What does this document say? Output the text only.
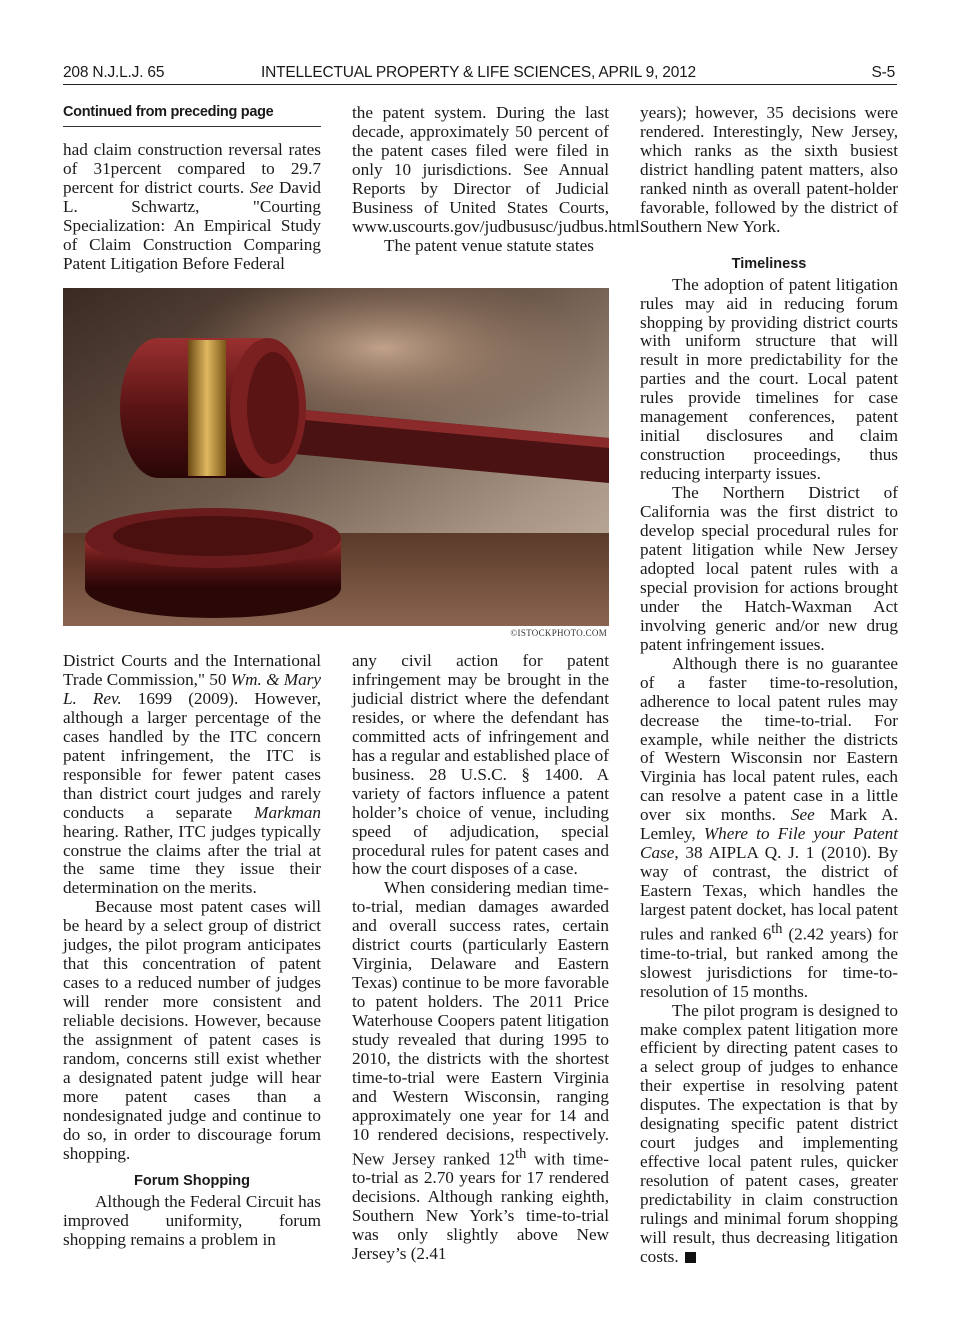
208 N.J.L.J. 65	INTELLECTUAL PROPERTY & LIFE SCIENCES, APRIL 9, 2012	S-5
Continued from preceding page

had claim construction reversal rates of 31percent compared to 29.7 percent for district courts. See David L. Schwartz, "Courting Specialization: An Empirical Study of Claim Construction Comparing Patent Litigation Before Federal

the patent system. During the last decade, approximately 50 percent of the patent cases filed were filed in only 10 jurisdictions. See Annual Reports by Director of Judicial Business of United States Courts, www.uscourts.gov/judbususc/judbus.html.

The patent venue statute states

©ISTOCKPHOTO.COM

District Courts and the International Trade Commission," 50 Wm. & Mary L. Rev. 1699 (2009). However, although a larger percentage of the cases handled by the ITC concern patent infringement, the ITC is responsible for fewer patent cases than district court judges and rarely conducts a separate Markman hearing. Rather, ITC judges typically construe the claims after the trial at the same time they issue their determination on the merits.

Because most patent cases will be heard by a select group of district judges, the pilot program anticipates that this concentration of patent cases to a reduced number of judges will render more consistent and reliable decisions. However, because the assignment of patent cases is random, concerns still exist whether a designated patent judge will hear more patent cases than a nondesignated judge and continue to do so, in order to discourage forum shopping.

Forum Shopping

Although the Federal Circuit has improved uniformity, forum shopping remains a problem in

any civil action for patent infringement may be brought in the judicial district where the defendant resides, or where the defendant has committed acts of infringement and has a regular and established place of business. 28 U.S.C. § 1400. A variety of factors influence a patent holder’s choice of venue, including speed of adjudication, special procedural rules for patent cases and how the court disposes of a case.

When considering median time-to-trial, median damages awarded and overall success rates, certain district courts (particularly Eastern Virginia, Delaware and Eastern Texas) continue to be more favorable to patent holders. The 2011 Price Waterhouse Coopers patent litigation study revealed that during 1995 to 2010, the districts with the shortest time-to-trial were Eastern Virginia and Western Wisconsin, ranging approximately one year for 14 and 10 rendered decisions, respectively. New Jersey ranked 12th with time-to-trial as 2.70 years for 17 rendered decisions. Although ranking eighth, Southern New York’s time-to-trial was only slightly above New Jersey’s (2.41

years); however, 35 decisions were rendered. Interestingly, New Jersey, which ranks as the sixth busiest district handling patent matters, also ranked ninth as overall patent-holder favorable, followed by the district of Southern New York.

Timeliness

The adoption of patent litigation rules may aid in reducing forum shopping by providing district courts with uniform structure that will result in more predictability for the parties and the court. Local patent rules provide timelines for case management conferences, patent initial disclosures and claim construction proceedings, thus reducing interparty issues.

The Northern District of California was the first district to develop special procedural rules for patent litigation while New Jersey adopted local patent rules with a special provision for actions brought under the Hatch-Waxman Act involving generic and/or new drug patent infringement issues.

Although there is no guarantee of a faster time-to-resolution, adherence to local patent rules may decrease the time-to-trial. For example, while neither the districts of Western Wisconsin nor Eastern Virginia has local patent rules, each can resolve a patent case in a little over six months. See Mark A. Lemley, Where to File your Patent Case, 38 AIPLA Q. J. 1 (2010). By way of contrast, the district of Eastern Texas, which handles the largest patent docket, has local patent rules and ranked 6th (2.42 years) for time-to-trial, but ranked among the slowest jurisdictions for time-to-resolution of 15 months.

The pilot program is designed to make complex patent litigation more efficient by directing patent cases to a select group of judges to enhance their expertise in resolving patent disputes. The expectation is that by designating specific patent district court judges and implementing effective local patent rules, quicker resolution of patent cases, greater predictability in claim construction rulings and minimal forum shopping will result, thus decreasing litigation costs.
